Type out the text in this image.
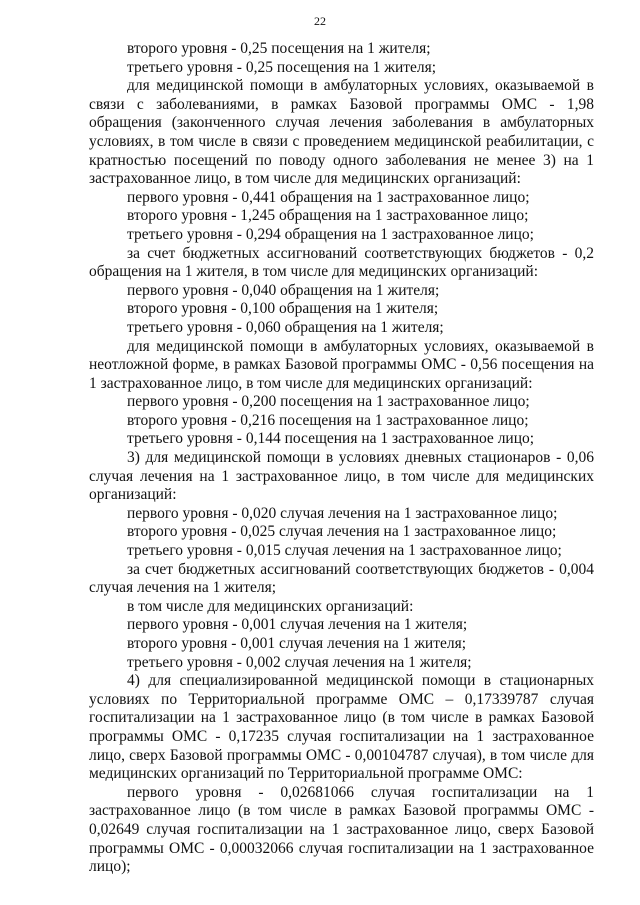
22

второго уровня - 0,25 посещения на 1 жителя;

третьего уровня - 0,25 посещения на 1 жителя;

для медицинской помощи в амбулаторных условиях, оказываемой в связи с заболеваниями, в рамках Базовой программы ОМС - 1,98 обращения (законченного случая лечения заболевания в амбулаторных условиях, в том числе в связи с проведением медицинской реабилитации, с кратностью посещений по поводу одного заболевания не менее 3) на 1 застрахованное лицо, в том числе для медицинских организаций:

первого уровня - 0,441 обращения на 1 застрахованное лицо;

второго уровня - 1,245 обращения на 1 застрахованное лицо;

третьего уровня - 0,294 обращения на 1 застрахованное лицо;

за счет бюджетных ассигнований соответствующих бюджетов - 0,2 обращения на 1 жителя, в том числе для медицинских организаций:

первого уровня - 0,040 обращения на 1 жителя;

второго уровня - 0,100 обращения на 1 жителя;

третьего уровня - 0,060 обращения на 1 жителя;

для медицинской помощи в амбулаторных условиях, оказываемой в неотложной форме, в рамках Базовой программы ОМС - 0,56 посещения на 1 застрахованное лицо, в том числе для медицинских организаций:

первого уровня - 0,200 посещения на 1 застрахованное лицо;

второго уровня - 0,216 посещения на 1 застрахованное лицо;

третьего уровня - 0,144 посещения на 1 застрахованное лицо;

3) для медицинской помощи в условиях дневных стационаров - 0,06 случая лечения на 1 застрахованное лицо, в том числе для медицинских организаций:

первого уровня - 0,020 случая лечения на 1 застрахованное лицо;

второго уровня - 0,025 случая лечения на 1 застрахованное лицо;

третьего уровня - 0,015 случая лечения на 1 застрахованное лицо;

за счет бюджетных ассигнований соответствующих бюджетов - 0,004 случая лечения на 1 жителя;

в том числе для медицинских организаций:

первого уровня - 0,001 случая лечения на 1 жителя;

второго уровня - 0,001 случая лечения на 1 жителя;

третьего уровня - 0,002 случая лечения на 1 жителя;

4) для специализированной медицинской помощи в стационарных условиях по Территориальной программе ОМС – 0,17339787 случая госпитализации на 1 застрахованное лицо (в том числе в рамках Базовой программы ОМС - 0,17235 случая госпитализации на 1 застрахованное лицо, сверх Базовой программы ОМС - 0,00104787 случая), в том числе для медицинских организаций по Территориальной программе ОМС:

первого уровня - 0,02681066 случая госпитализации на 1 застрахованное лицо (в том числе в рамках Базовой программы ОМС - 0,02649 случая госпитализации на 1 застрахованное лицо, сверх Базовой программы ОМС - 0,00032066 случая госпитализации на 1 застрахованное лицо);
